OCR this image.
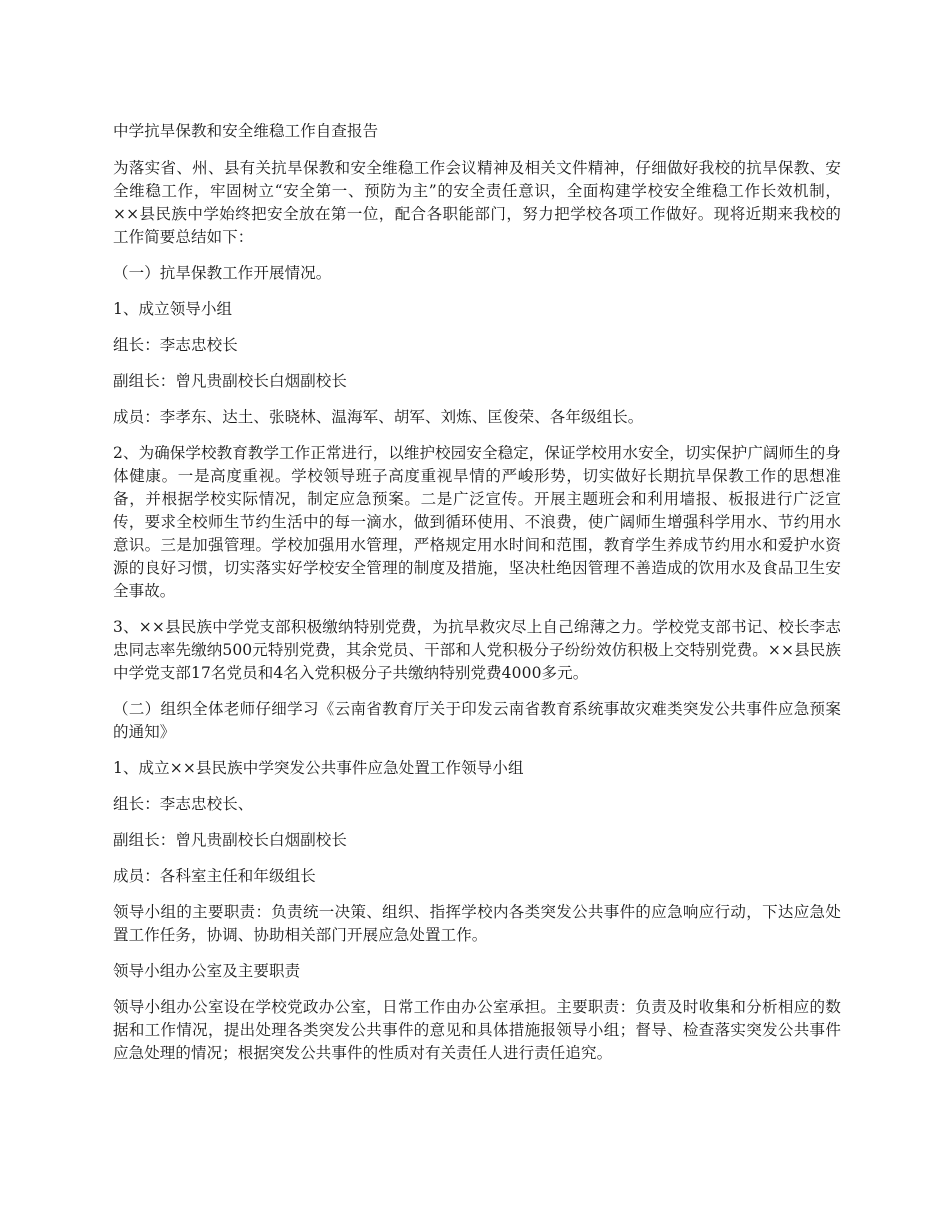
中学抗旱保教和安全维稳工作自查报告

为落实省、州、县有关抗旱保教和安全维稳工作会议精神及相关文件精神，仔细做好我校的抗旱保教、安全维稳工作，牢固树立“安全第一、预防为主”的安全责任意识，全面构建学校安全维稳工作长效机制，××县民族中学始终把安全放在第一位，配合各职能部门，努力把学校各项工作做好。现将近期来我校的工作简要总结如下：

（一）抗旱保教工作开展情况。

1、成立领导小组

组长：李志忠校长

副组长：曾凡贵副校长白烟副校长

成员：李孝东、达土、张晓林、温海军、胡军、刘炼、匡俊荣、各年级组长。

2、为确保学校教育教学工作正常进行，以维护校园安全稳定，保证学校用水安全，切实保护广阔师生的身体健康。一是高度重视。学校领导班子高度重视旱情的严峻形势，切实做好长期抗旱保教工作的思想准备，并根据学校实际情况，制定应急预案。二是广泛宣传。开展主题班会和利用墙报、板报进行广泛宣传，要求全校师生节约生活中的每一滴水，做到循环使用、不浪费，使广阔师生增强科学用水、节约用水意识。三是加强管理。学校加强用水管理，严格规定用水时间和范围，教育学生养成节约用水和爱护水资源的良好习惯，切实落实好学校安全管理的制度及措施，坚决杜绝因管理不善造成的饮用水及食品卫生安全事故。

3、××县民族中学党支部积极缴纳特别党费，为抗旱救灾尽上自己绵薄之力。学校党支部书记、校长李志忠同志率先缴纳500元特别党费，其余党员、干部和人党积极分子纷纷效仿积极上交特别党费。××县民族中学党支部17名党员和4名入党积极分子共缴纳特别党费4000多元。

（二）组织全体老师仔细学习《云南省教育厅关于印发云南省教育系统事故灾难类突发公共事件应急预案的通知》

1、成立××县民族中学突发公共事件应急处置工作领导小组

组长：李志忠校长、

副组长：曾凡贵副校长白烟副校长

成员：各科室主任和年级组长

领导小组的主要职责：负责统一决策、组织、指挥学校内各类突发公共事件的应急响应行动，下达应急处置工作任务，协调、协助相关部门开展应急处置工作。

领导小组办公室及主要职责

领导小组办公室设在学校党政办公室，日常工作由办公室承担。主要职责：负责及时收集和分析相应的数据和工作情况，提出处理各类突发公共事件的意见和具体措施报领导小组；督导、检查落实突发公共事件应急处理的情况；根据突发公共事件的性质对有关责任人进行责任追究。
